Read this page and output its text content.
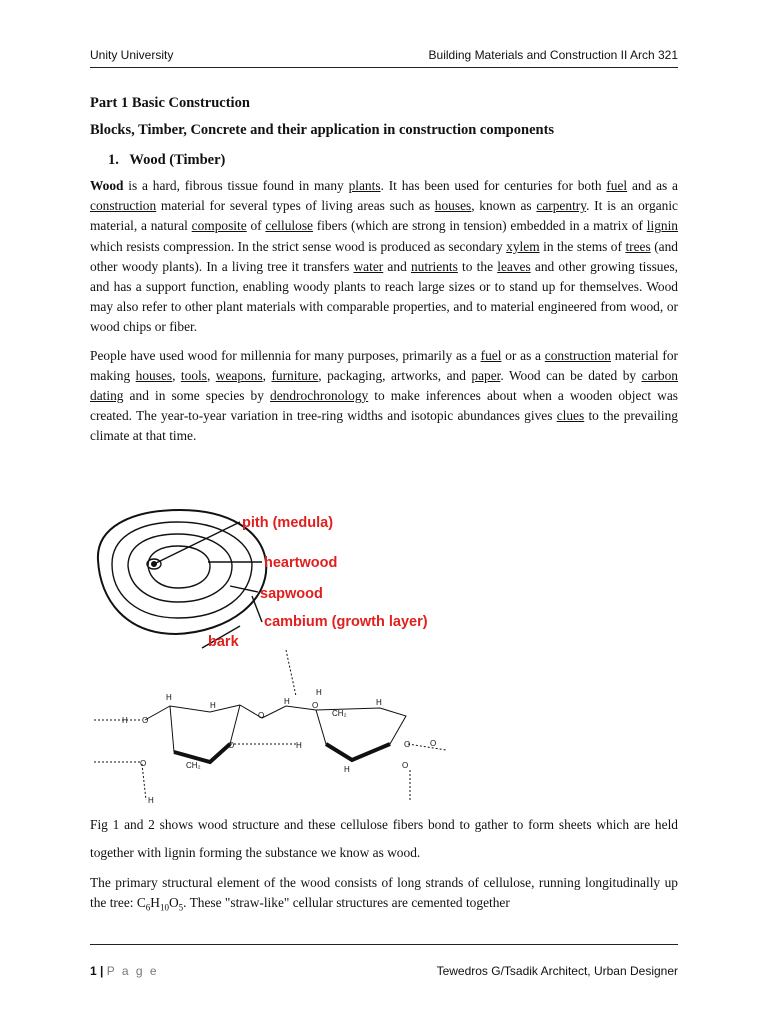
Unity University	Building Materials and Construction II Arch 321
Part 1 Basic Construction
Blocks, Timber, Concrete and their application in construction components
1. Wood (Timber)

Wood is a hard, fibrous tissue found in many plants. It has been used for centuries for both fuel and as a construction material for several types of living areas such as houses, known as carpentry. It is an organic material, a natural composite of cellulose fibers (which are strong in tension) embedded in a matrix of lignin which resists compression. In the strict sense wood is produced as secondary xylem in the stems of trees (and other woody plants). In a living tree it transfers water and nutrients to the leaves and other growing tissues, and has a support function, enabling woody plants to reach large sizes or to stand up for themselves. Wood may also refer to other plant materials with comparable properties, and to material engineered from wood, or wood chips or fiber.

People have used wood for millennia for many purposes, primarily as a fuel or as a construction material for making houses, tools, weapons, furniture, packaging, artworks, and paper. Wood can be dated by carbon dating and in some species by dendrochronology to make inferences about when a wooden object was created. The year-to-year variation in tree-ring widths and isotopic abundances gives clues to the prevailing climate at that time.

Fig 1 and 2 shows wood structure and these cellulose fibers bond to gather to form sheets which are held together with lignin forming the substance we know as wood.

The primary structural element of the wood consists of long strands of cellulose, running longitudinally up the tree: $C_6H_{10}O_5$. These "straw-like" cellular structures are cemented together

pith (medula)
heartwood
sapwood
cambium (growth layer)
bark
O
H
H
H
O
H
O	H
CH₂
O
H
CH₂
H
H
O
O
O
O
H
1 | P a g e	Tewedros G/Tsadik Architect, Urban Designer
